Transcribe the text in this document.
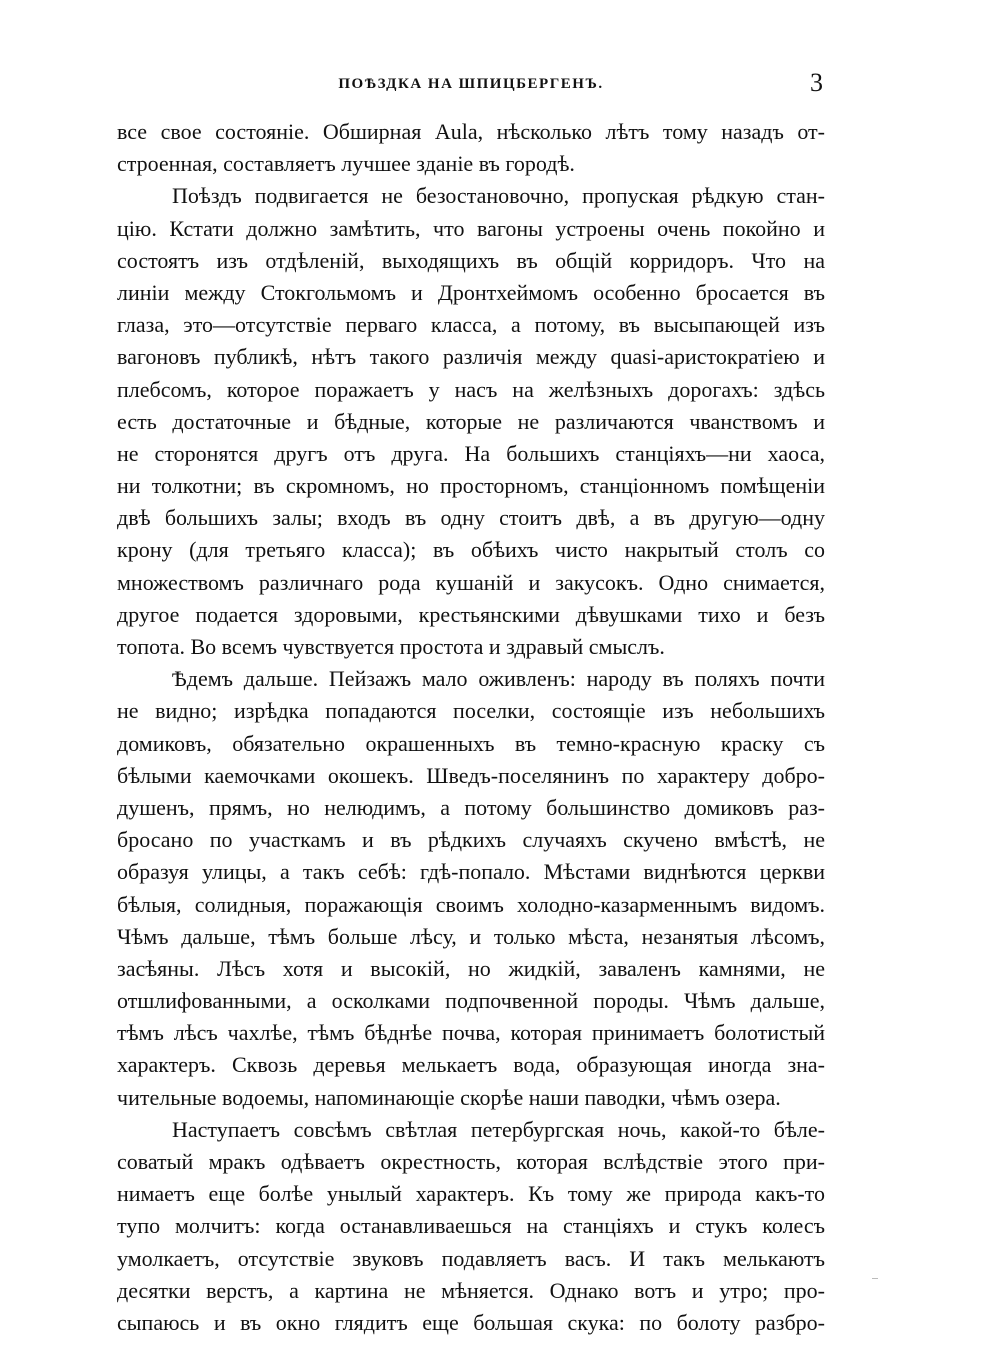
ПОѢЗДКА НА ШПИЦБЕРГЕНЪ.	3
все свое состояніе. Обширная Aula, нѣсколько лѣтъ тому назадъ от-
строенная, составляетъ лучшее зданіе въ городѣ.
Поѣздъ подвигается не безостановочно, пропуская рѣдкую стан-
цію. Кстати должно замѣтить, что вагоны устроены очень покойно и
состоятъ изъ отдѣленій, выходящихъ въ общій корридоръ. Что на
линіи между Стокгольмомъ и Дронтхеймомъ особенно бросается въ
глаза, это—отсутствіе перваго класса, а потому, въ высыпающей изъ
вагоновъ публикѣ, нѣтъ такого различія между quasi-аристократіею и
плебсомъ, которое поражаетъ у насъ на желѣзныхъ дорогахъ: здѣсь
есть достаточные и бѣдные, которые не различаются чванствомъ и
не сторонятся другъ отъ друга. На большихъ станціяхъ—ни хаоса,
ни толкотни; въ скромномъ, но просторномъ, станціонномъ помѣщеніи
двѣ большихъ залы; входъ въ одну стоитъ двѣ, а въ другую—одну
крону (для третьяго класса); въ обѣихъ чисто накрытый столъ со
множествомъ различнаго рода кушаній и закусокъ. Одно снимается,
другое подается здоровыми, крестьянскими дѣвушками тихо и безъ
топота. Во всемъ чувствуется простота и здравый смыслъ.
Ѣдемъ дальше. Пейзажъ мало оживленъ: народу въ поляхъ почти
не видно; изрѣдка попадаются поселки, состоящіе изъ небольшихъ
домиковъ, обязательно окрашенныхъ въ темно-красную краску съ
бѣлыми каемочками окошекъ. Шведъ-поселянинъ по характеру добро-
душенъ, прямъ, но нелюдимъ, а потому большинство домиковъ раз-
бросано по участкамъ и въ рѣдкихъ случаяхъ скучено вмѣстѣ, не
образуя улицы, а такъ себѣ: гдѣ-попало. Мѣстами виднѣются церкви
бѣлыя, солидныя, поражающія своимъ холодно-казарменнымъ видомъ.
Чѣмъ дальше, тѣмъ больше лѣсу, и только мѣста, незанятыя лѣсомъ,
засѣяны. Лѣсъ хотя и высокій, но жидкій, заваленъ камнями, не
отшлифованными, а осколками подпочвенной породы. Чѣмъ дальше,
тѣмъ лѣсъ чахлѣе, тѣмъ бѣднѣе почва, которая принимаетъ болотистый
характеръ. Сквозь деревья мелькаетъ вода, образующая иногда зна-
чительные водоемы, напоминающіе скорѣе наши паводки, чѣмъ озера.
Наступаетъ совсѣмъ свѣтлая петербургская ночь, какой-то бѣле-
соватый мракъ одѣваетъ окрестность, которая вслѣдствіе этого при-
нимаетъ еще болѣе унылый характеръ. Къ тому же природа какъ-то
тупо молчитъ: когда останавливаешься на станціяхъ и стукъ колесъ
умолкаетъ, отсутствіе звуковъ подавляетъ васъ. И такъ мелькаютъ
десятки верстъ, а картина не мѣняется. Однако вотъ и утро; про-
сыпаюсь и въ окно глядитъ еще большая скука: по болоту разбро-
